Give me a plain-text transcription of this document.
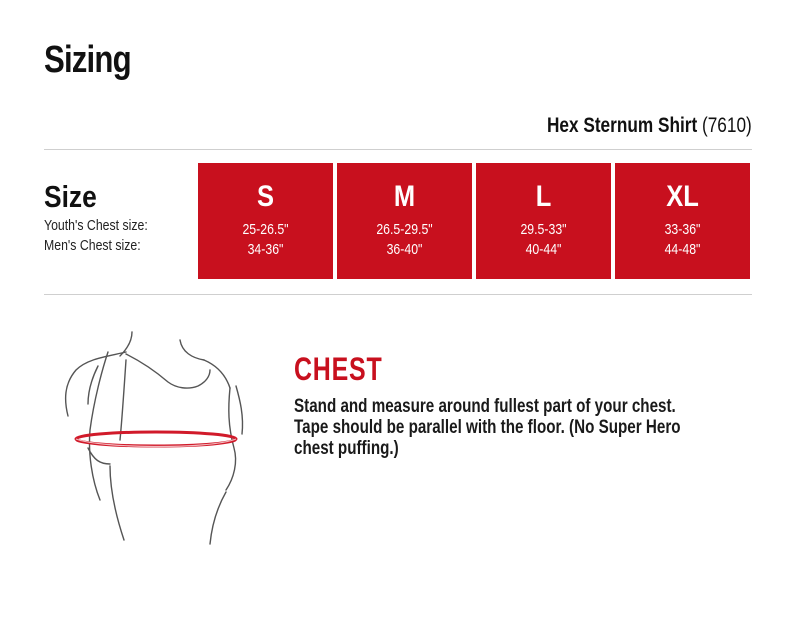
Sizing
Hex Sternum Shirt (7610)
Size
Youth's Chest size:
Men's Chest size:
S
25-26.5"
34-36"
M
26.5-29.5"
36-40"
L
29.5-33"
40-44"
XL
33-36"
44-48"
CHEST

Stand and measure around fullest part of your chest. Tape should be parallel with the floor. (No Super Hero chest puffing.)
